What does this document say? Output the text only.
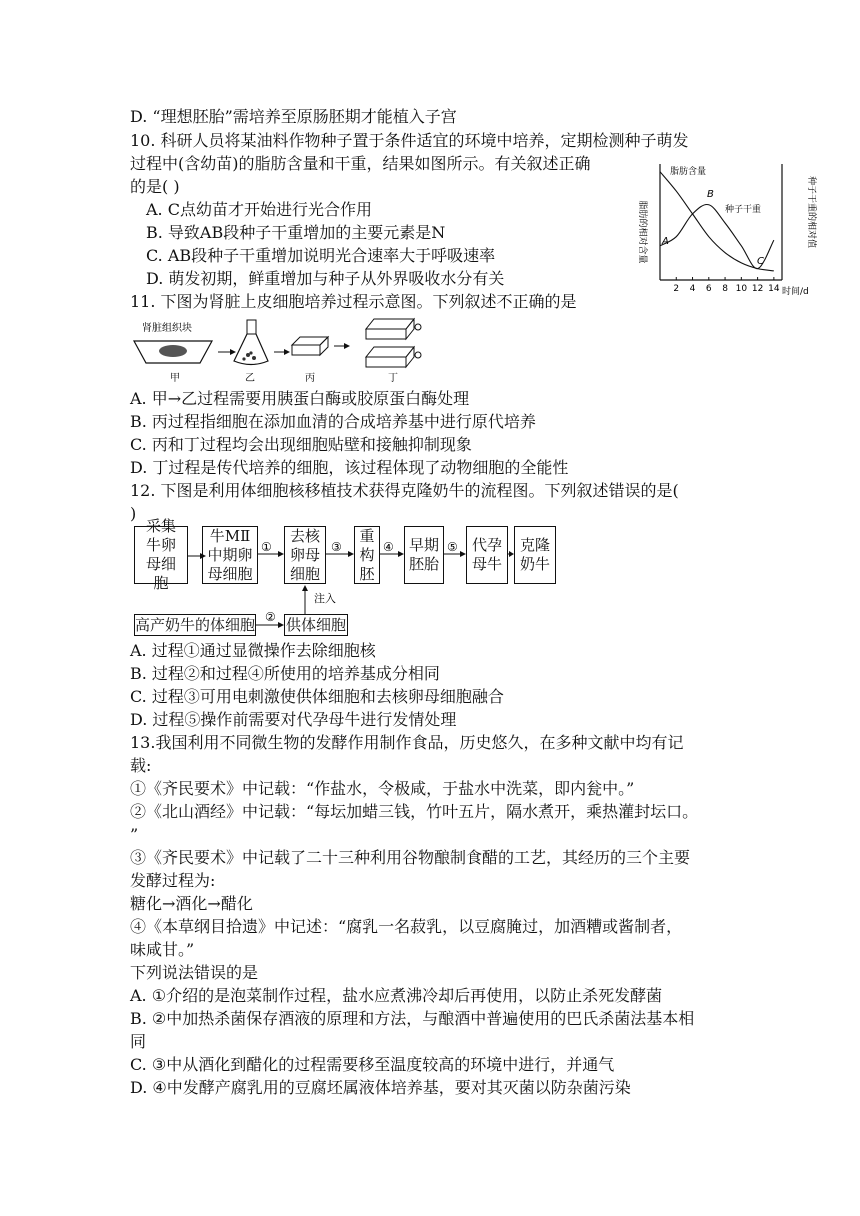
D. “理想胚胎”需培养至原肠胚期才能植入子宫
10. 科研人员将某油料作物种子置于条件适宜的环境中培养，定期检测种子萌发
过程中(含幼苗)的脂肪含量和干重，结果如图所示。有关叙述正确
的是( )
A. C点幼苗才开始进行光合作用
B. 导致AB段种子干重增加的主要元素是N
C. AB段种子干重增加说明光合速率大于呼吸速率
D. 萌发初期，鲜重增加与种子从外界吸收水分有关
脂肪的相对含量	种子干重的相对值
2 4 6 8 10 12 14 时间/d
脂肪含量
种子干重
A
B
C
11. 下图为肾脏上皮细胞培养过程示意图。下列叙述不正确的是
肾脏组织块
甲	乙	丙	丁
A. 甲→乙过程需要用胰蛋白酶或胶原蛋白酶处理
B. 丙过程指细胞在添加血清的合成培养基中进行原代培养
C. 丙和丁过程均会出现细胞贴壁和接触抑制现象
D. 丁过程是传代培养的细胞，该过程体现了动物细胞的全能性
12. 下图是利用体细胞核移植技术获得克隆奶牛的流程图。下列叙述错误的是(
)
采集牛卵母细胞
牛MⅡ中期卵母细胞
去核卵母细胞
重构胚
早期胚胎
代孕母牛
克隆奶牛
高产奶牛的体细胞 供体细胞
①
②
③	④	⑤
注入
A. 过程①通过显微操作去除细胞核
B. 过程②和过程④所使用的培养基成分相同
C. 过程③可用电刺激使供体细胞和去核卵母细胞融合
D. 过程⑤操作前需要对代孕母牛进行发情处理
13.我国利用不同微生物的发酵作用制作食品，历史悠久，在多种文献中均有记
载:
①《齐民要术》中记载：“作盐水，令极咸，于盐水中洗菜，即内瓮中。”
②《北山酒经》中记载：“每坛加蜡三钱，竹叶五片，隔水煮开，乘热灌封坛口。
”
③《齐民要术》中记载了二十三种利用谷物酿制食醋的工艺，其经历的三个主要
发酵过程为:
糖化→酒化→醋化
④《本草纲目拾遗》中记述：“腐乳一名菽乳，以豆腐腌过，加酒糟或酱制者，
味咸甘。”
下列说法错误的是
A. ①介绍的是泡菜制作过程，盐水应煮沸冷却后再使用，以防止杀死发酵菌
B. ②中加热杀菌保存酒液的原理和方法，与酿酒中普遍使用的巴氏杀菌法基本相
同
C. ③中从酒化到醋化的过程需要移至温度较高的环境中进行，并通气
D. ④中发酵产腐乳用的豆腐坯属液体培养基，要对其灭菌以防杂菌污染
